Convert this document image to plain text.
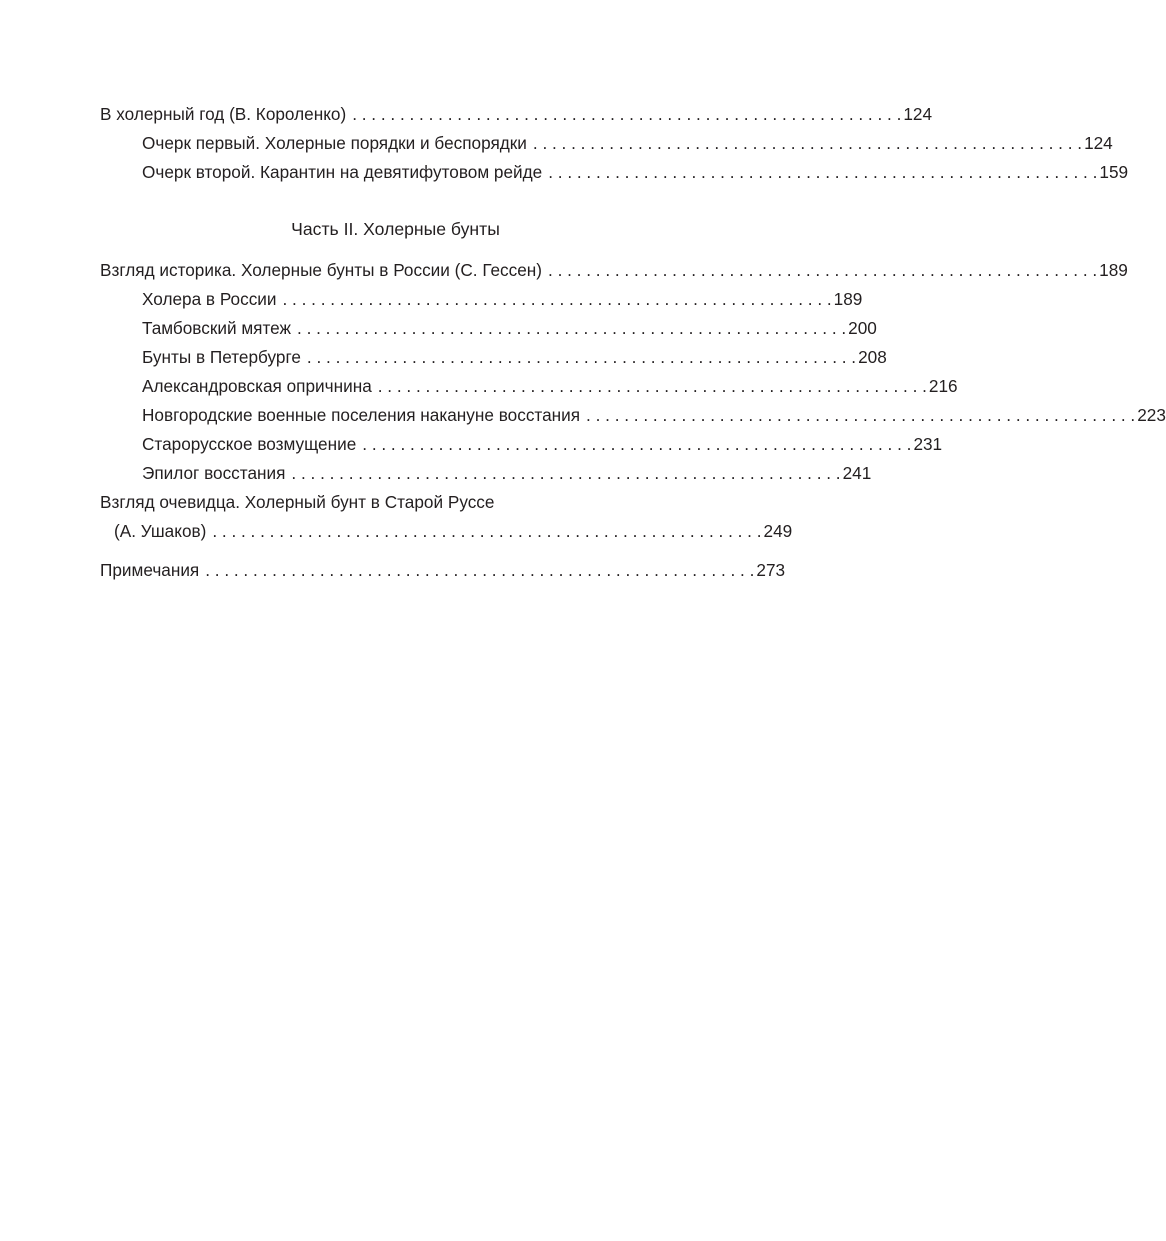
В холерный год (В. Короленко) . . . . . . . . . . . . . . . . . . . . . . . . . . . . . . . . . . . . . . . . . . . . . . . . . . . . . . . . . . 124
Очерк первый. Холерные порядки и беспорядки . . . . . . . . . . . . . . . . . . . . . . . . . . . . . . . . . . . . . . . . . . . . . . . . . . . . . . . . . . 124
Очерк второй. Карантин на девятифутовом рейде . . . . . . . . . . . . . . . . . . . . . . . . . . . . . . . . . . . . . . . . . . . . . . . . . . . . . . . . . . 159
Часть II. Холерные бунты
Взгляд историка. Холерные бунты в России (С. Гессен) . . . . . . . . . . . . . . . . . . . . . . . . . . . . . . . . . . . . . . . . . . . . . . . . . . . . . . . . . . 189
Холера в России . . . . . . . . . . . . . . . . . . . . . . . . . . . . . . . . . . . . . . . . . . . . . . . . . . . . . . . . . . 189
Тамбовский мятеж . . . . . . . . . . . . . . . . . . . . . . . . . . . . . . . . . . . . . . . . . . . . . . . . . . . . . . . . . . 200
Бунты в Петербурге . . . . . . . . . . . . . . . . . . . . . . . . . . . . . . . . . . . . . . . . . . . . . . . . . . . . . . . . . . 208
Александровская опричнина . . . . . . . . . . . . . . . . . . . . . . . . . . . . . . . . . . . . . . . . . . . . . . . . . . . . . . . . . . 216
Новгородские военные поселения накануне восстания . . . . . . . . . . . . . . . . . . . . . . . . . . . . . . . . . . . . . . . . . . . . . . . . . . . . . . . . . . 223
Старорусское возмущение . . . . . . . . . . . . . . . . . . . . . . . . . . . . . . . . . . . . . . . . . . . . . . . . . . . . . . . . . . 231
Эпилог восстания . . . . . . . . . . . . . . . . . . . . . . . . . . . . . . . . . . . . . . . . . . . . . . . . . . . . . . . . . . 241
Взгляд очевидца. Холерный бунт в Старой Руссе
(А. Ушаков) . . . . . . . . . . . . . . . . . . . . . . . . . . . . . . . . . . . . . . . . . . . . . . . . . . . . . . . . . . 249
Примечания . . . . . . . . . . . . . . . . . . . . . . . . . . . . . . . . . . . . . . . . . . . . . . . . . . . . . . . . . . 273
